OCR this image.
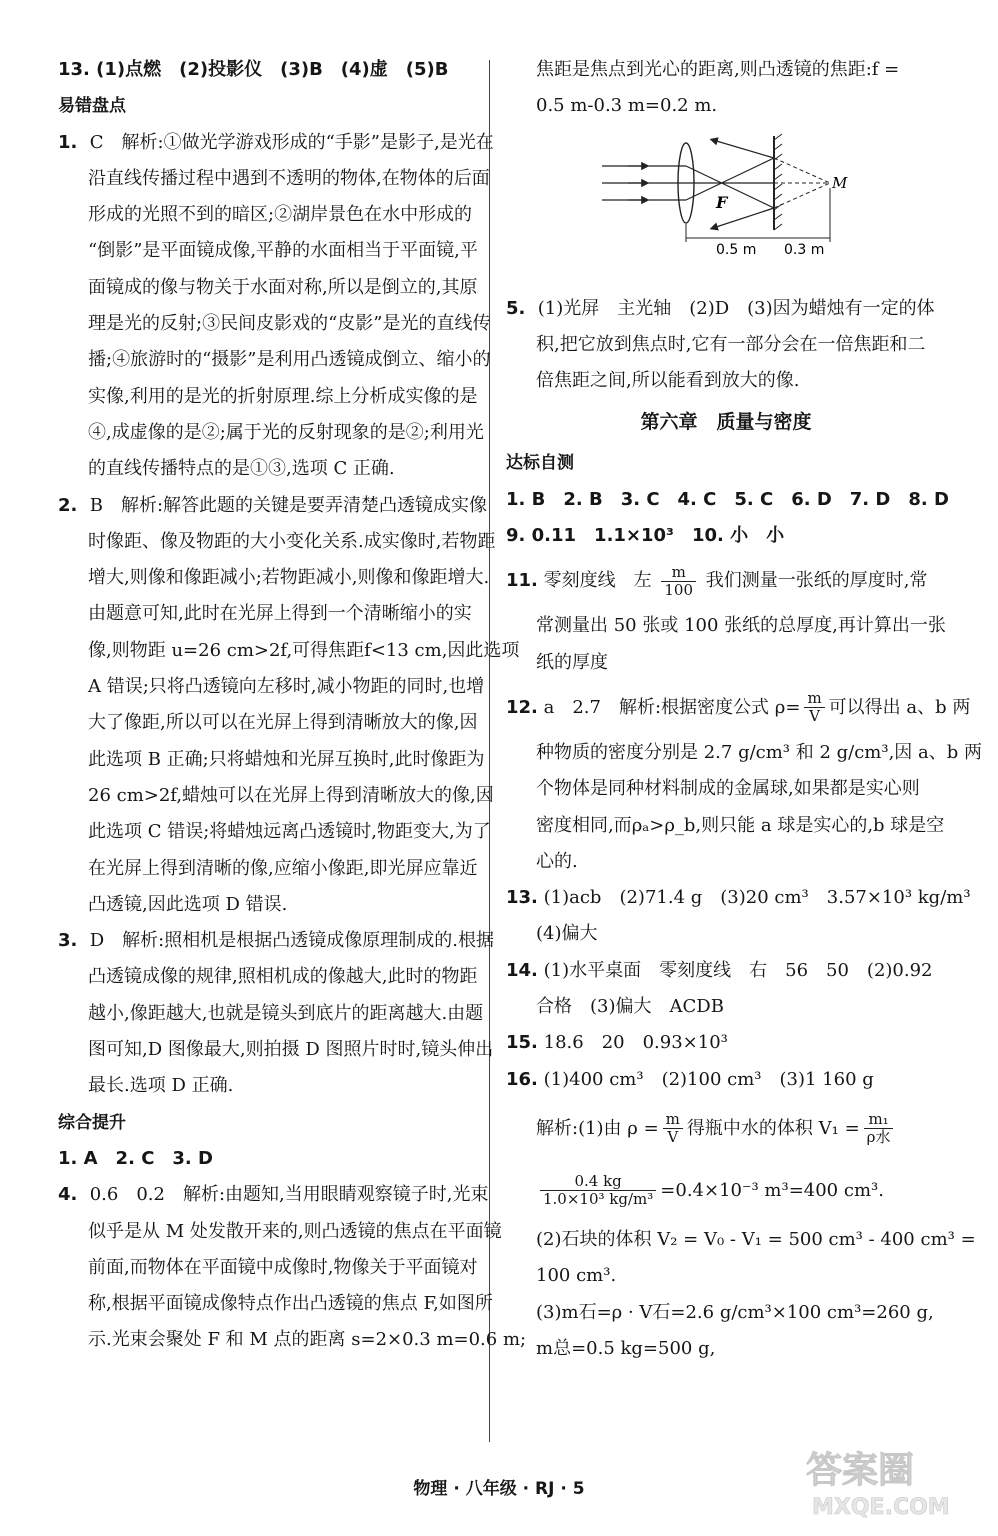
13. (1)点燃　(2)投影仪　(3)B　(4)虚　(5)B
易错盘点
1. C　解析:①做光学游戏形成的“手影”是影子,是光在
沿直线传播过程中遇到不透明的物体,在物体的后面
形成的光照不到的暗区;②湖岸景色在水中形成的
“倒影”是平面镜成像,平静的水面相当于平面镜,平
面镜成的像与物关于水面对称,所以是倒立的,其原
理是光的反射;③民间皮影戏的“皮影”是光的直线传
播;④旅游时的“摄影”是利用凸透镜成倒立、缩小的
实像,利用的是光的折射原理.综上分析成实像的是
④,成虚像的是②;属于光的反射现象的是②;利用光
的直线传播特点的是①③,选项 C 正确.
2. B　解析:解答此题的关键是要弄清楚凸透镜成实像
时像距、像及物距的大小变化关系.成实像时,若物距
增大,则像和像距减小;若物距减小,则像和像距增大.
由题意可知,此时在光屏上得到一个清晰缩小的实
像,则物距 u=26 cm>2f,可得焦距f<13 cm,因此选项
A 错误;只将凸透镜向左移时,减小物距的同时,也增
大了像距,所以可以在光屏上得到清晰放大的像,因
此选项 B 正确;只将蜡烛和光屏互换时,此时像距为
26 cm>2f,蜡烛可以在光屏上得到清晰放大的像,因
此选项 C 错误;将蜡烛远离凸透镜时,物距变大,为了
在光屏上得到清晰的像,应缩小像距,即光屏应靠近
凸透镜,因此选项 D 错误.
3. D　解析:照相机是根据凸透镜成像原理制成的.根据
凸透镜成像的规律,照相机成的像越大,此时的物距
越小,像距越大,也就是镜头到底片的距离越大.由题
图可知,D 图像最大,则拍摄 D 图照片时时,镜头伸出
最长.选项 D 正确.
综合提升
1. A　2. C　3. D
4. 0.6　0.2　解析:由题知,当用眼睛观察镜子时,光束
似乎是从 M 处发散开来的,则凸透镜的焦点在平面镜
前面,而物体在平面镜中成像时,物像关于平面镜对
称,根据平面镜成像特点作出凸透镜的焦点 F,如图所
示.光束会聚处 F 和 M 点的距离 s=2×0.3 m=0.6 m;
焦距是焦点到光心的距离,则凸透镜的焦距:f =
0.5 m-0.3 m=0.2 m.
5. (1)光屏　主光轴　(2)D　(3)因为蜡烛有一定的体
积,把它放到焦点时,它有一部分会在一倍焦距和二
倍焦距之间,所以能看到放大的像.
第六章　质量与密度
达标自测
1. B　2. B　3. C　4. C　5. C　6. D　7. D　8. D
9. 0.11　1.1×10³　10. 小　小
11. 零刻度线　左 $\frac{m}{100}$ 我们测量一张纸的厚度时,常
常测量出 50 张或 100 张纸的总厚度,再计算出一张
纸的厚度
12. a　2.7　解析:根据密度公式 $\rho= \frac{m}{V}$ 可以得出 a、b 两
种物质的密度分别是 2.7 g/cm³ 和 2 g/cm³,因 a、b 两
个物体是同种材料制成的金属球,如果都是实心则
密度相同,而ρₐ>ρ_b,则只能 a 球是实心的,b 球是空
心的.
13. (1)acb　(2)71.4 g　(3)20 cm³　3.57×10³ kg/m³
(4)偏大
14. (1)水平桌面　零刻度线　右　56　50　(2)0.92
合格　(3)偏大　ACDB
15. 18.6　20　0.93×10³
16. (1)400 cm³　(2)100 cm³　(3)1 160 g
解析:(1)由 $\rho = \frac{m}{V}$ 得瓶中水的体积 $V_1 = \frac{\text{m₁}}{\text{ρ水}}$
$\frac{0.4 kg}{\text{1.0×10³ kg/m³}} =0.4\times 10^{-3}$ m³=400 cm³.
(2)石块的体积 V₂ = V₀ - V₁ = 500 cm³ - 400 cm³ =
100 cm³.
(3)m石=ρ · V石=2.6 g/cm³×100 cm³=260 g,
m总=0.5 kg=500 g,
F
M
0.5 m 0.3 m
物理 · 八年级 · RJ · 5	答案圈
MXQE.COM
